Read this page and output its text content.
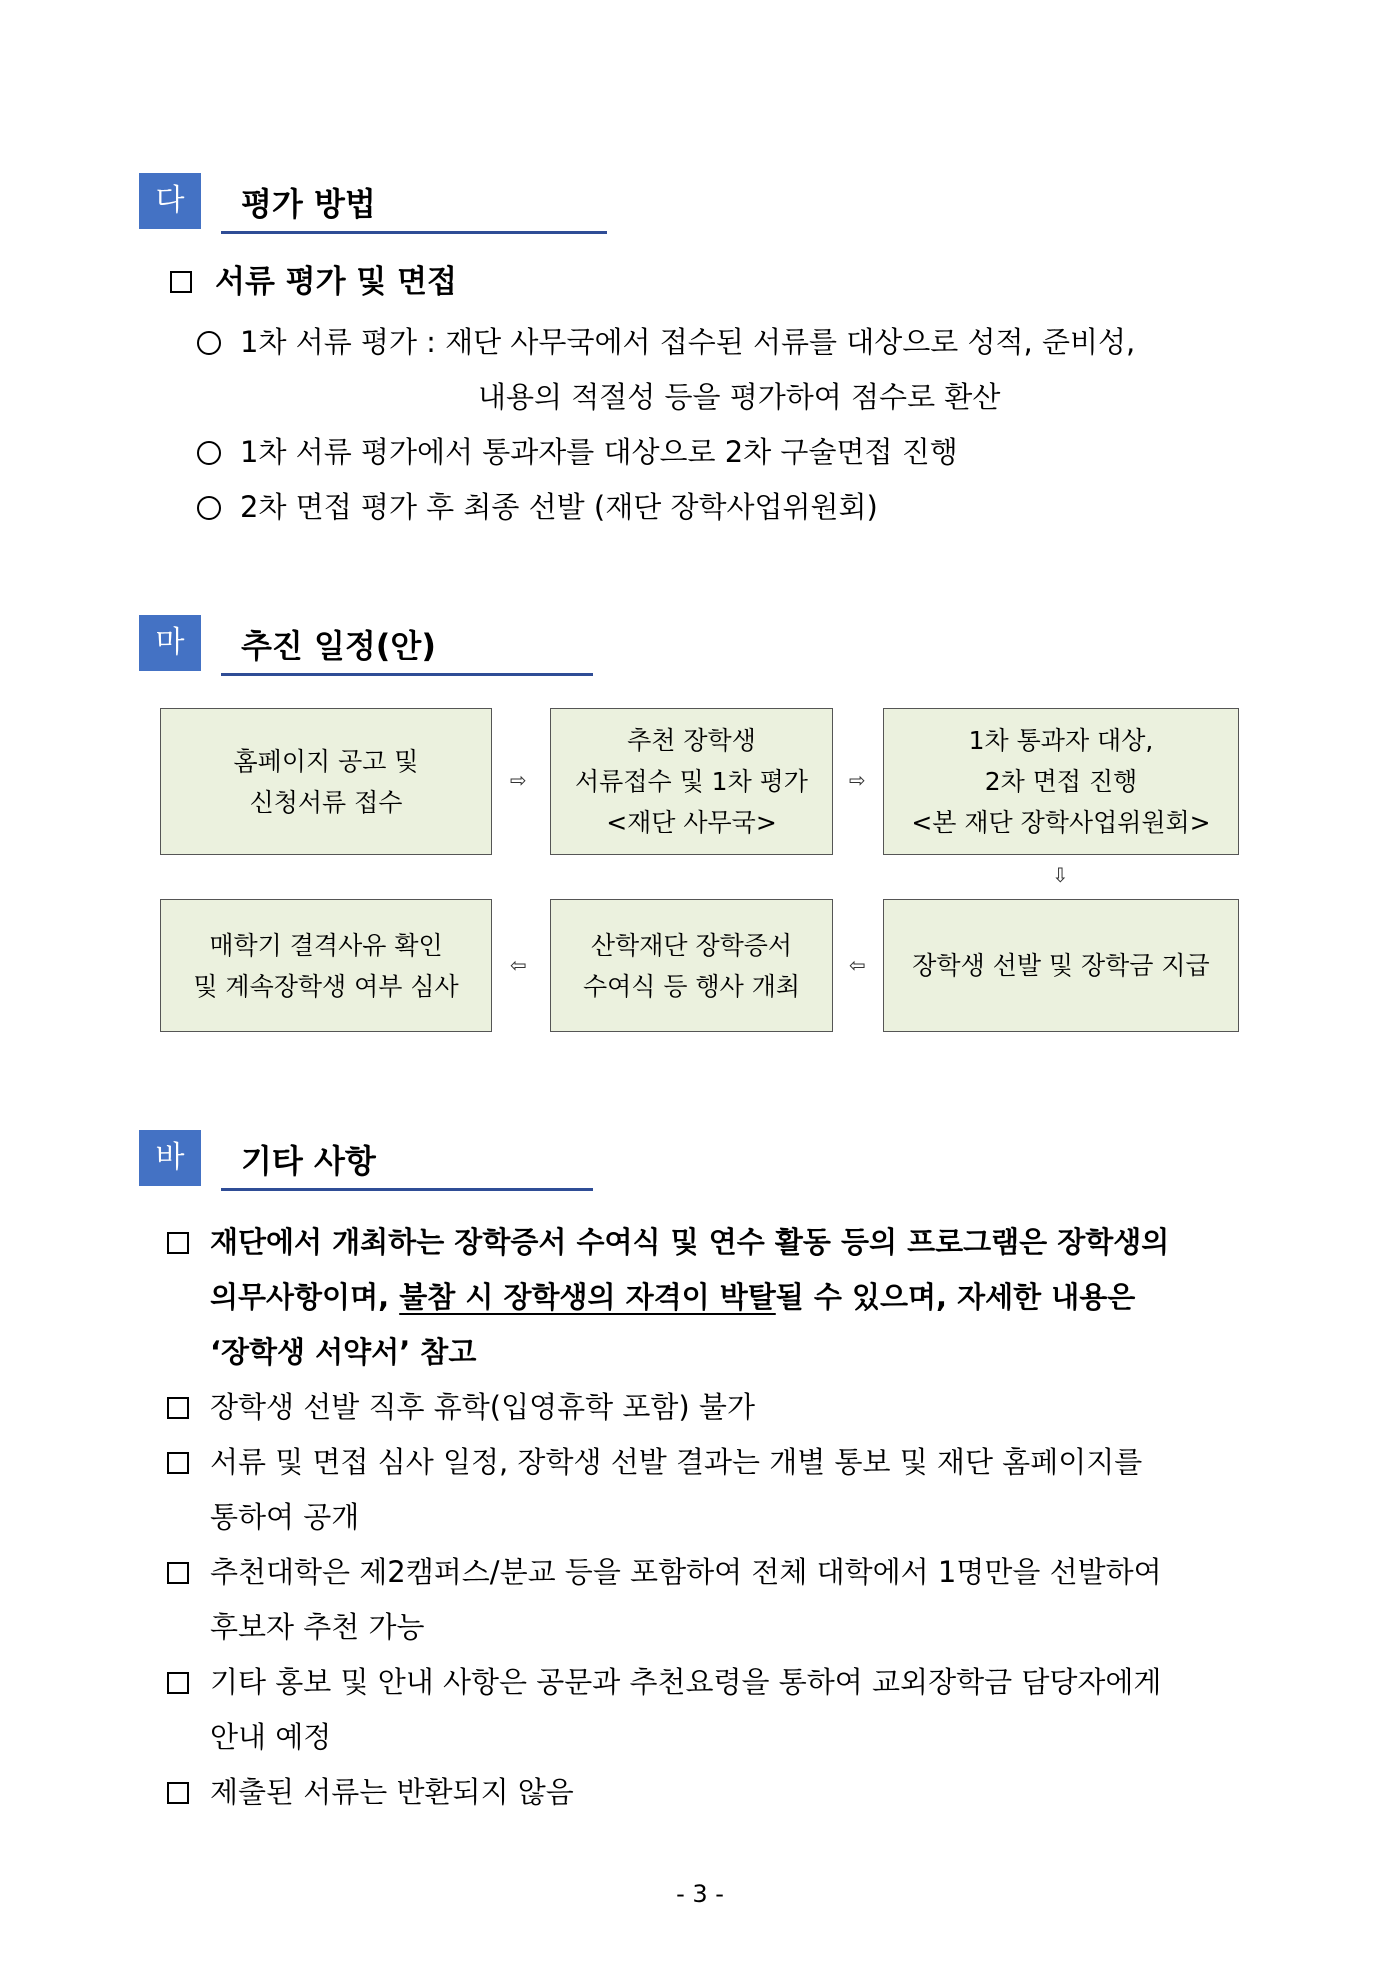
다	평가 방법
서류 평가 및 면접
1차 서류 평가 : 재단 사무국에서 접수된 서류를 대상으로 성적, 준비성,
내용의 적절성 등을 평가하여 점수로 환산
1차 서류 평가에서 통과자를 대상으로 2차 구술면접 진행
2차 면접 평가 후 최종 선발 (재단 장학사업위원회)
마	추진 일정(안)
홈페이지 공고 및
신청서류 접수
⇨
추천 장학생
서류접수 및 1차 평가
<재단 사무국>
⇨
1차 통과자 대상,
2차 면접 진행
<본 재단 장학사업위원회>
⇩
매학기 결격사유 확인
및 계속장학생 여부 심사
⇦
산학재단 장학증서
수여식 등 행사 개최
⇦ 장학생 선발 및 장학금 지급
바	기타 사항
재단에서 개최하는 장학증서 수여식 및 연수 활동 등의 프로그램은 장학생의
의무사항이며, 불참 시 장학생의 자격이 박탈될 수 있으며, 자세한 내용은
‘장학생 서약서’ 참고
장학생 선발 직후 휴학(입영휴학 포함) 불가
서류 및 면접 심사 일정, 장학생 선발 결과는 개별 통보 및 재단 홈페이지를
통하여 공개
추천대학은 제2캠퍼스/분교 등을 포함하여 전체 대학에서 1명만을 선발하여
후보자 추천 가능
기타 홍보 및 안내 사항은 공문과 추천요령을 통하여 교외장학금 담당자에게
안내 예정
제출된 서류는 반환되지 않음
- 3 -
